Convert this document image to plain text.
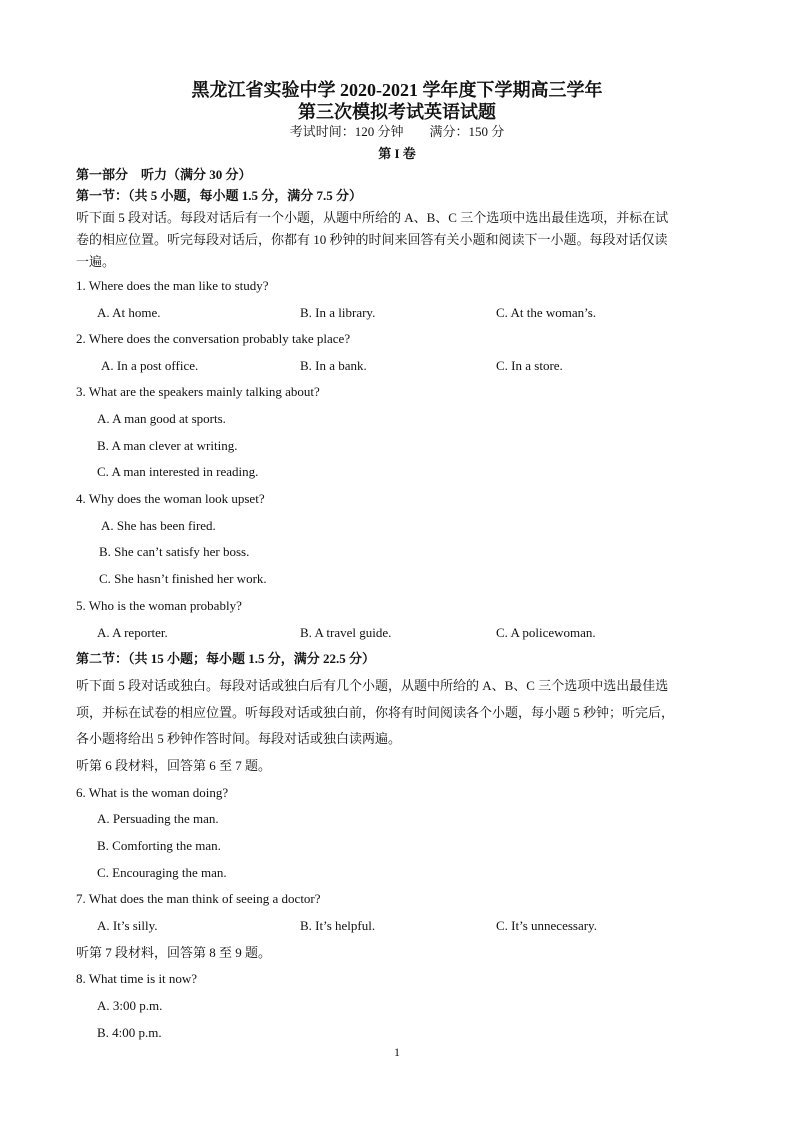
黑龙江省实验中学 2020-2021 学年度下学期高三学年
第三次模拟考试英语试题
考试时间：120 分钟　　满分：150 分
第 I 卷
第一部分　听力（满分 30 分）
第一节：（共 5 小题，每小题 1.5 分，满分 7.5 分）
听下面 5 段对话。每段对话后有一个小题，从题中所给的 A、B、C 三个选项中选出最佳选项，并标在试
卷的相应位置。听完每段对话后，你都有 10 秒钟的时间来回答有关小题和阅读下一小题。每段对话仅读
一遍。
1. Where does the man like to study?
A. At home.	B. In a library.	C. At the woman’s.
2. Where does the conversation probably take place?
A. In a post office.	B. In a bank.	C. In a store.
3. What are the speakers mainly talking about?
A. A man good at sports.
B. A man clever at writing.
C. A man interested in reading.
4. Why does the woman look upset?
A. She has been fired.
B. She can’t satisfy her boss.
C. She hasn’t finished her work.
5. Who is the woman probably?
A. A reporter.	B. A travel guide.	C. A policewoman.
第二节：（共 15 小题；每小题 1.5 分，满分 22.5 分）
听下面 5 段对话或独白。每段对话或独白后有几个小题，从题中所给的 A、B、C 三个选项中选出最佳选
项，并标在试卷的相应位置。听每段对话或独白前，你将有时间阅读各个小题，每小题 5 秒钟；听完后，
各小题将给出 5 秒钟作答时间。每段对话或独白读两遍。
听第 6 段材料，回答第 6 至 7 题。
6. What is the woman doing?
A. Persuading the man.
B. Comforting the man.
C. Encouraging the man.
7. What does the man think of seeing a doctor?
A. It’s silly.	B. It’s helpful.	C. It’s unnecessary.
听第 7 段材料，回答第 8 至 9 题。
8. What time is it now?
A. 3:00 p.m.
B. 4:00 p.m.
1
